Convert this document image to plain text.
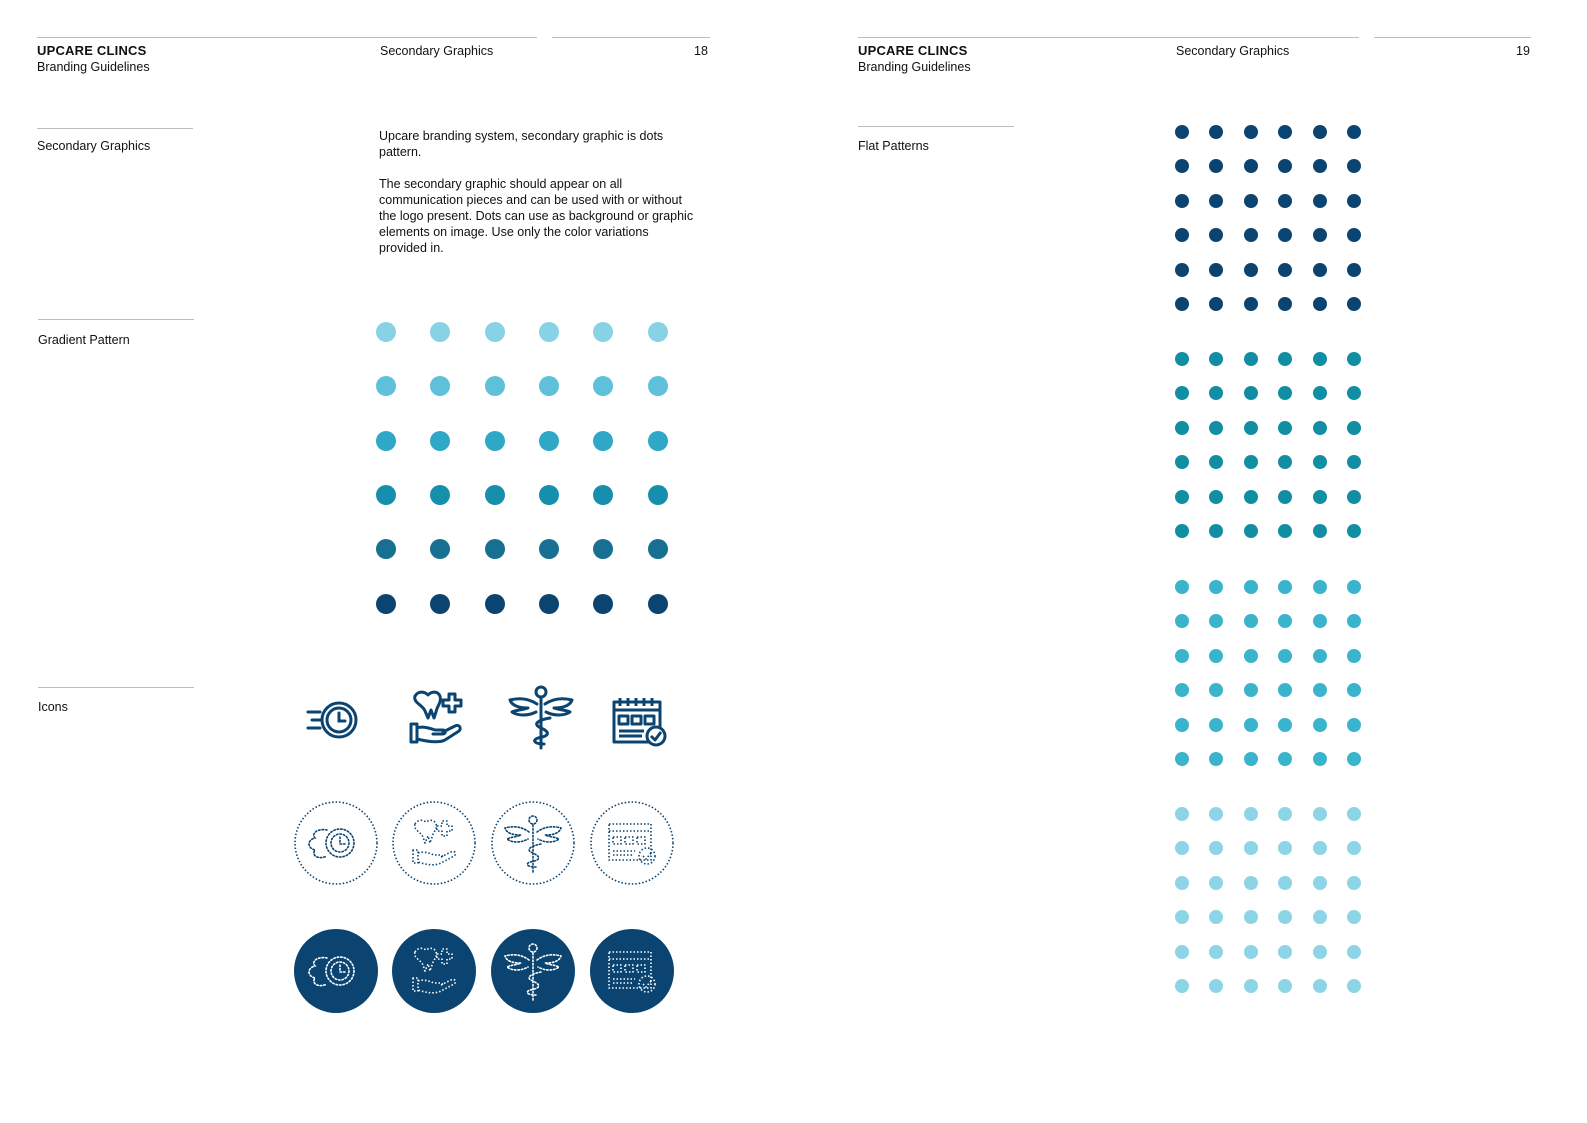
UPCARE CLINCS
Branding Guidelines
Secondary Graphics	18
Secondary Graphics

Upcare branding system, secondary graphic is dots pattern.

The secondary graphic should appear on all communication pieces and can be used with or without the logo present. Dots can use as background or graphic elements on image. Use only the color variations provided in.

Gradient Pattern
Icons
UPCARE CLINCS
Branding Guidelines
Secondary Graphics	19
Flat Patterns
